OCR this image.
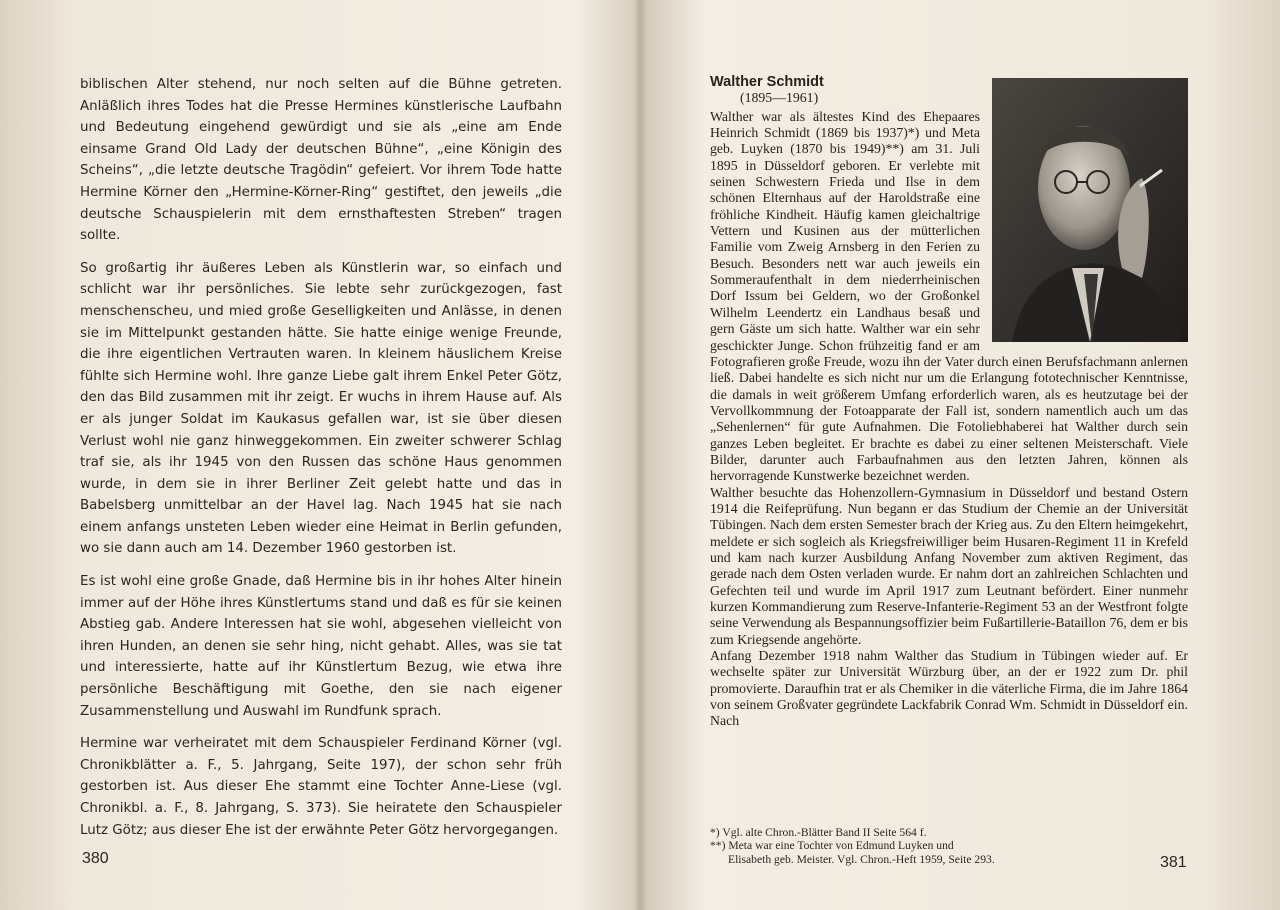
biblischen Alter stehend, nur noch selten auf die Bühne getreten. Anläßlich ihres Todes hat die Presse Hermines künstlerische Laufbahn und Bedeutung eingehend gewürdigt und sie als „eine am Ende einsame Grand Old Lady der deutschen Bühne“, „eine Königin des Scheins“, „die letzte deutsche Tragödin“ gefeiert. Vor ihrem Tode hatte Hermine Körner den „Hermine-Körner-Ring“ gestiftet, den jeweils „die deutsche Schauspielerin mit dem ernsthaftesten Streben“ tragen sollte.

So großartig ihr äußeres Leben als Künstlerin war, so einfach und schlicht war ihr persönliches. Sie lebte sehr zurückgezogen, fast menschenscheu, und mied große Geselligkeiten und Anlässe, in denen sie im Mittelpunkt gestanden hätte. Sie hatte einige wenige Freunde, die ihre eigentlichen Vertrauten waren. In kleinem häuslichem Kreise fühlte sich Hermine wohl. Ihre ganze Liebe galt ihrem Enkel Peter Götz, den das Bild zusammen mit ihr zeigt. Er wuchs in ihrem Hause auf. Als er als junger Soldat im Kaukasus gefallen war, ist sie über diesen Verlust wohl nie ganz hinweggekommen. Ein zweiter schwerer Schlag traf sie, als ihr 1945 von den Russen das schöne Haus genommen wurde, in dem sie in ihrer Berliner Zeit gelebt hatte und das in Babelsberg unmittelbar an der Havel lag. Nach 1945 hat sie nach einem anfangs unsteten Leben wieder eine Heimat in Berlin gefunden, wo sie dann auch am 14. Dezember 1960 gestorben ist.

Es ist wohl eine große Gnade, daß Hermine bis in ihr hohes Alter hinein immer auf der Höhe ihres Künstlertums stand und daß es für sie keinen Abstieg gab. Andere Interessen hat sie wohl, abgesehen vielleicht von ihren Hunden, an denen sie sehr hing, nicht gehabt. Alles, was sie tat und interessierte, hatte auf ihr Künstlertum Bezug, wie etwa ihre persönliche Beschäftigung mit Goethe, den sie nach eigener Zusammenstellung und Auswahl im Rundfunk sprach.

Hermine war verheiratet mit dem Schauspieler Ferdinand Körner (vgl. Chronikblätter a. F., 5. Jahrgang, Seite 197), der schon sehr früh gestorben ist. Aus dieser Ehe stammt eine Tochter Anne-Liese (vgl. Chronikbl. a. F., 8. Jahrgang, S. 373). Sie heiratete den Schauspieler Lutz Götz; aus dieser Ehe ist der erwähnte Peter Götz hervorgegangen.

380

Walther Schmidt

(1895—1961)

Walther war als ältestes Kind des Ehepaares Heinrich Schmidt (1869 bis 1937)*) und Meta geb. Luyken (1870 bis 1949)**) am 31. Juli 1895 in Düsseldorf geboren. Er verlebte mit seinen Schwestern Frieda und Ilse in dem schönen Elternhaus auf der Haroldstraße eine fröhliche Kindheit. Häufig kamen gleichaltrige Vettern und Kusinen aus der mütterlichen Familie vom Zweig Arnsberg in den Ferien zu Besuch. Besonders nett war auch jeweils ein Sommeraufenthalt in dem niederrheinischen Dorf Issum bei Geldern, wo der Großonkel Wilhelm Leendertz ein Landhaus besaß und gern Gäste um sich hatte. Walther war ein sehr geschickter Junge. Schon frühzeitig fand er am Fotografieren große Freude, wozu ihn der Vater durch einen Berufsfachmann anlernen ließ. Dabei handelte es sich nicht nur um die Erlangung fototechnischer Kenntnisse, die damals in weit größerem Umfang erforderlich waren, als es heutzutage bei der Vervollkommnung der Fotoapparate der Fall ist, sondern namentlich auch um das „Sehenlernen“ für gute Aufnahmen. Die Fotoliebhaberei hat Walther durch sein ganzes Leben begleitet. Er brachte es dabei zu einer seltenen Meisterschaft. Viele Bilder, darunter auch Farbaufnahmen aus den letzten Jahren, können als hervorragende Kunstwerke bezeichnet werden.

Walther besuchte das Hohenzollern-Gymnasium in Düsseldorf und bestand Ostern 1914 die Reifeprüfung. Nun begann er das Studium der Chemie an der Universität Tübingen. Nach dem ersten Semester brach der Krieg aus. Zu den Eltern heimgekehrt, meldete er sich sogleich als Kriegsfreiwilliger beim Husaren-Regiment 11 in Krefeld und kam nach kurzer Ausbildung Anfang November zum aktiven Regiment, das gerade nach dem Osten verladen wurde. Er nahm dort an zahlreichen Schlachten und Gefechten teil und wurde im April 1917 zum Leutnant befördert. Einer nunmehr kurzen Kommandierung zum Reserve-Infanterie-Regiment 53 an der Westfront folgte seine Verwendung als Bespannungsoffizier beim Fußartillerie-Bataillon 76, dem er bis zum Kriegsende angehörte.

Anfang Dezember 1918 nahm Walther das Studium in Tübingen wieder auf. Er wechselte später zur Universität Würzburg über, an der er 1922 zum Dr. phil promovierte. Daraufhin trat er als Chemiker in die väterliche Firma, die im Jahre 1864 von seinem Großvater gegründete Lackfabrik Conrad Wm. Schmidt in Düsseldorf ein. Nach

*) Vgl. alte Chron.-Blätter Band II Seite 564 f.
**) Meta war eine Tochter von Edmund Luyken und
Elisabeth geb. Meister. Vgl. Chron.-Heft 1959, Seite 293.	381
